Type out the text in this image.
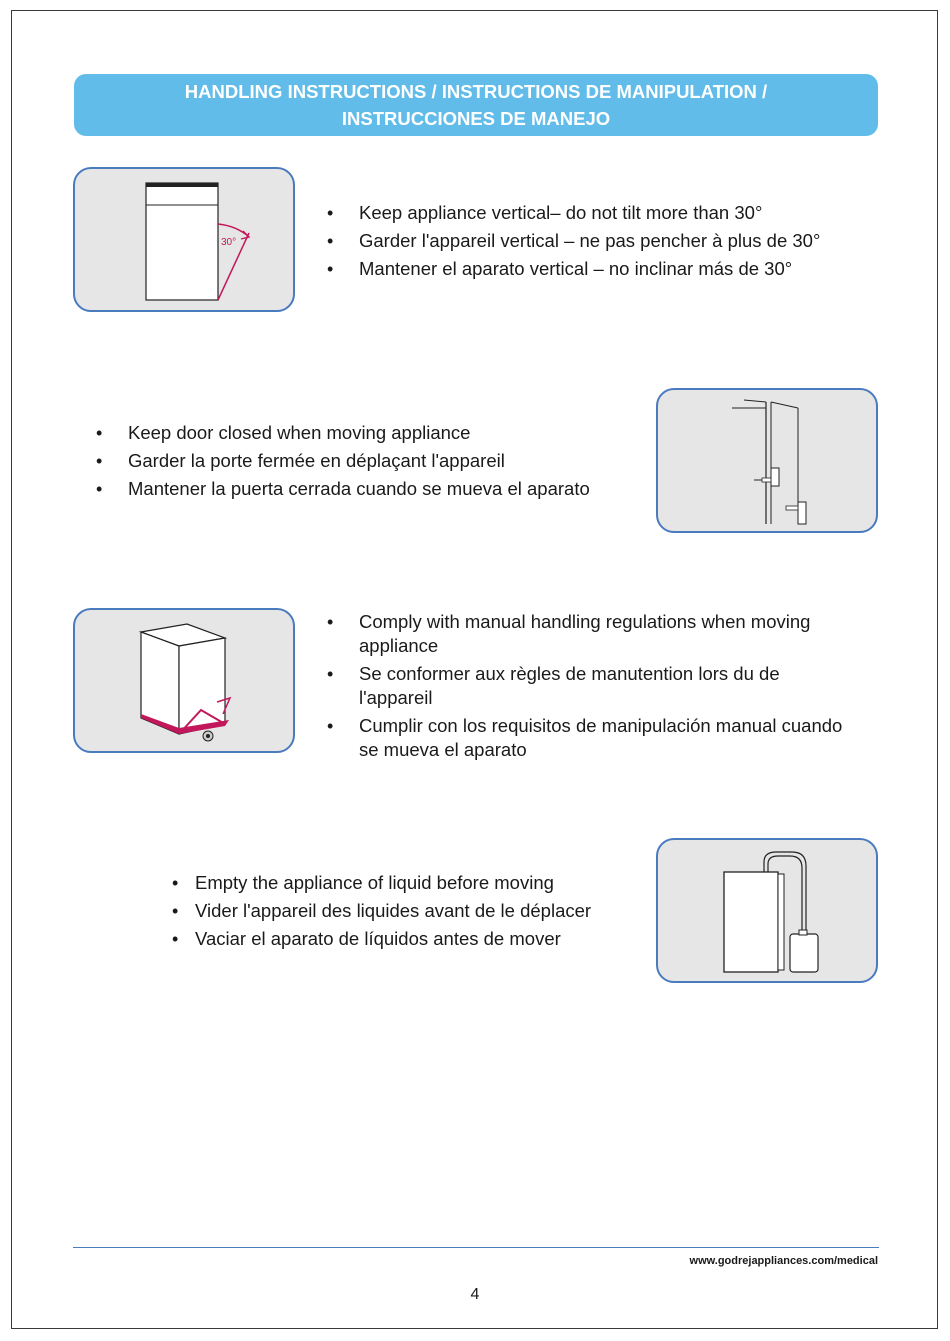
HANDLING INSTRUCTIONS / INSTRUCTIONS DE MANIPULATION /
INSTRUCCIONES DE MANEJO
30°
• Keep appliance vertical– do not tilt more than 30°
• Garder l'appareil vertical – ne pas pencher à plus de 30°
• Mantener el aparato vertical – no inclinar más de 30°
• Keep door closed when moving appliance
• Garder la porte fermée en déplaçant l'appareil
• Mantener la puerta cerrada cuando se mueva el aparato
• Comply with manual handling regulations when moving appliance
• Se conformer aux règles de manutention lors du de l'appareil
• Cumplir con los requisitos de manipulación manual cuando se mueva el aparato
• Empty the appliance of liquid before moving
• Vider l'appareil des liquides avant de le déplacer
• Vaciar el aparato de líquidos antes de mover
www.godrejappliances.com/medical
4
